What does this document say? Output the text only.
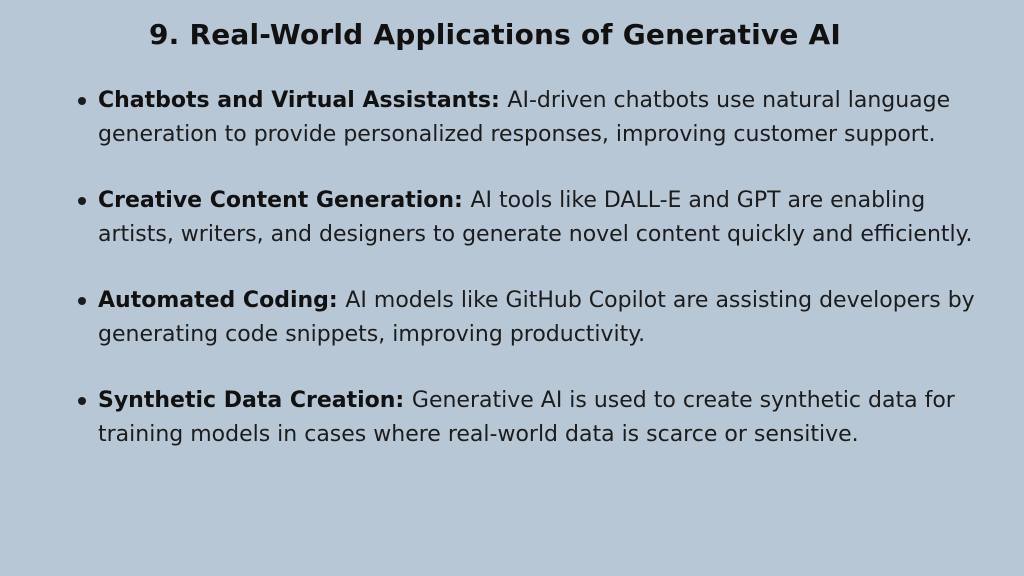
9. Real-World Applications of Generative AI
Chatbots and Virtual Assistants: AI-driven chatbots use natural language generation to provide personalized responses, improving customer support.
Creative Content Generation: AI tools like DALL-E and GPT are enabling artists, writers, and designers to generate novel content quickly and efficiently.
Automated Coding: AI models like GitHub Copilot are assisting developers by generating code snippets, improving productivity.
Synthetic Data Creation: Generative AI is used to create synthetic data for training models in cases where real-world data is scarce or sensitive.
